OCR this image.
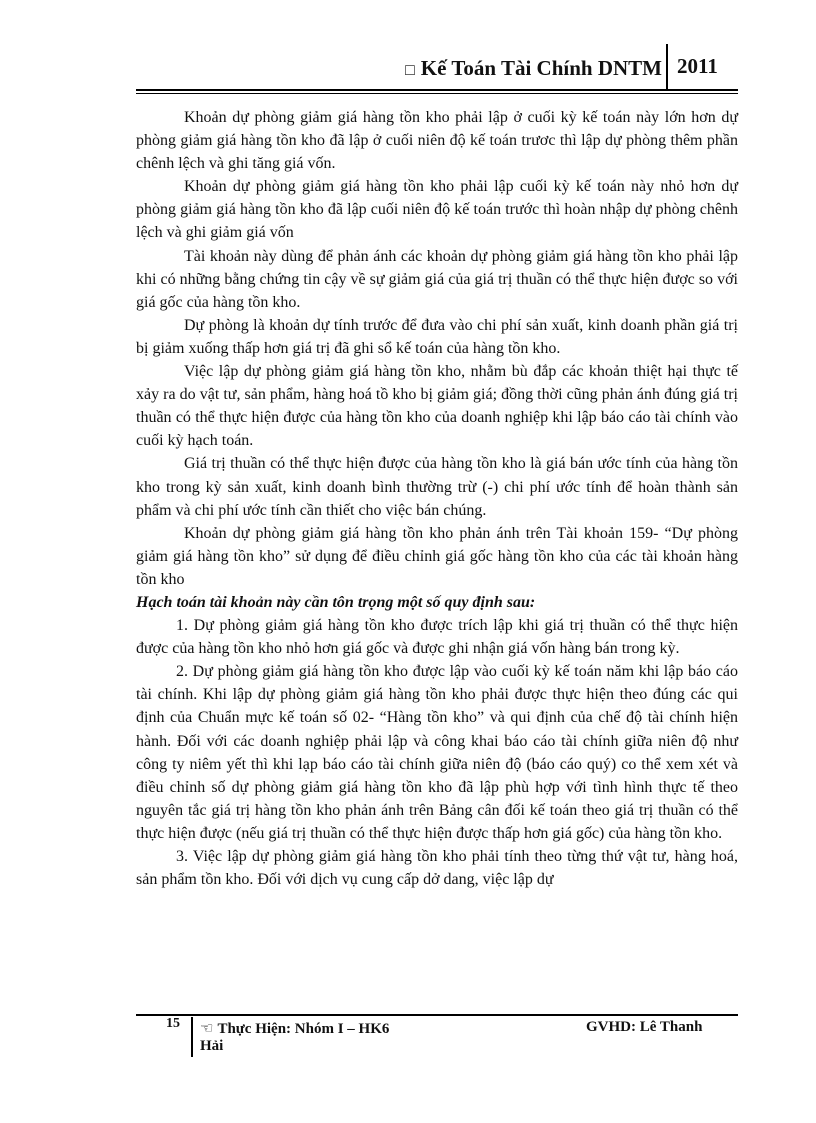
□ Kế Toán Tài Chính DNTM 2011

Khoản dự phòng giảm giá hàng tồn kho phải lập ở cuối kỳ kế toán này lớn hơn dự phòng giảm giá hàng tồn kho đã lập ở cuối niên độ kế toán trươc thì lập dự phòng thêm phần chênh lệch và ghi tăng giá vốn.

Khoản dự phòng giảm giá hàng tồn kho phải lập cuối kỳ kế toán này nhỏ hơn dự phòng giảm giá hàng tồn kho đã lập cuối niên độ kế toán trước thì hoàn nhập dự phòng chênh lệch và ghi giảm giá vốn

Tài khoản này dùng để phản ánh các khoản dự phòng giảm giá hàng tồn kho phải lập khi có những bằng chứng tin cậy về sự giảm giá của giá trị thuần có thể thực hiện được so với giá gốc của hàng tồn kho.

Dự phòng là khoản dự tính trước để đưa vào chi phí sản xuất, kinh doanh phần giá trị bị giảm xuống thấp hơn giá trị đã ghi sổ kế toán của hàng tồn kho.

Việc lập dự phòng giảm giá hàng tồn kho, nhằm bù đắp các khoản thiệt hại thực tế xảy ra do vật tư, sản phẩm, hàng hoá tồ kho bị giảm giá; đồng thời cũng phản ánh đúng giá trị thuần có thể thực hiện được của hàng tồn kho của doanh nghiệp khi lập báo cáo tài chính vào cuối kỳ hạch toán.

Giá trị thuần có thể thực hiện được của hàng tồn kho là giá bán ước tính của hàng tồn kho trong kỳ sản xuất, kinh doanh bình thường trừ (-) chi phí ước tính để hoàn thành sản phẩm và chi phí ước tính cần thiết cho việc bán chúng.

Khoản dự phòng giảm giá hàng tồn kho phản ánh trên Tài khoản 159- “Dự phòng giảm giá hàng tồn kho” sử dụng để điều chỉnh giá gốc hàng tồn kho của các tài khoản hàng tồn kho

Hạch toán tài khoản này cần tôn trọng một số quy định sau:

1. Dự phòng giảm giá hàng tồn kho được trích lập khi giá trị thuần có thể thực hiện được của hàng tồn kho nhỏ hơn giá gốc và được ghi nhận giá vốn hàng bán trong kỳ.

2. Dự phòng giảm giá hàng tồn kho được lập vào cuối kỳ kế toán năm khi lập báo cáo tài chính. Khi lập dự phòng giảm giá hàng tồn kho phải được thực hiện theo đúng các qui định của Chuẩn mực kế toán số 02- “Hàng tồn kho” và qui định của chế độ tài chính hiện hành. Đối với các doanh nghiệp phải lập và công khai báo cáo tài chính giữa niên độ như công ty niêm yết thì khi lạp báo cáo tài chính giữa niên độ (báo cáo quý) co thể xem xét và điều chỉnh số dự phòng giảm giá hàng tồn kho đã lập phù hợp với tình hình thực tế theo nguyên tắc giá trị hàng tồn kho phản ánh trên Bảng cân đối kế toán theo giá trị thuần có thể thực hiện được (nếu giá trị thuần có thể thực hiện được thấp hơn giá gốc) của hàng tồn kho.

3. Việc lập dự phòng giảm giá hàng tồn kho phải tính theo từng thứ vật tư, hàng hoá, sản phẩm tồn kho. Đối với dịch vụ cung cấp dở dang, việc lập dự

15 ☜ Thực Hiện: Nhóm I – HK6	GVHD: Lê Thanh
Hải
